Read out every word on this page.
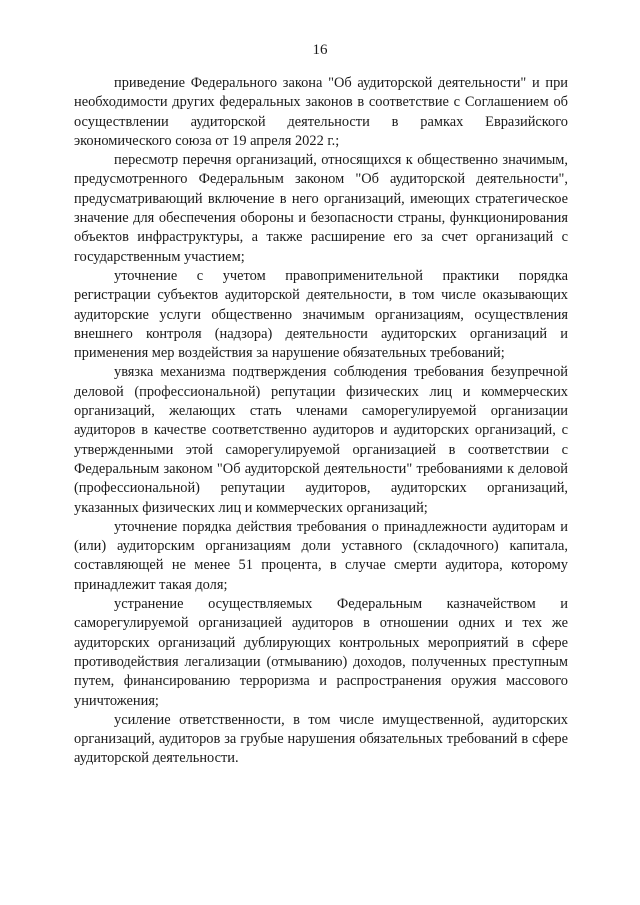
16

приведение Федерального закона "Об аудиторской деятельности" и при необходимости других федеральных законов в соответствие с Соглашением об осуществлении аудиторской деятельности в рамках Евразийского экономического союза от 19 апреля 2022 г.;

пересмотр перечня организаций, относящихся к общественно значимым, предусмотренного Федеральным законом "Об аудиторской деятельности", предусматривающий включение в него организаций, имеющих стратегическое значение для обеспечения обороны и безопасности страны, функционирования объектов инфраструктуры, а также расширение его за счет организаций с государственным участием;

уточнение с учетом правоприменительной практики порядка регистрации субъектов аудиторской деятельности, в том числе оказывающих аудиторские услуги общественно значимым организациям, осуществления внешнего контроля (надзора) деятельности аудиторских организаций и применения мер воздействия за нарушение обязательных требований;

увязка механизма подтверждения соблюдения требования безупречной деловой (профессиональной) репутации физических лиц и коммерческих организаций, желающих стать членами саморегулируемой организации аудиторов в качестве соответственно аудиторов и аудиторских организаций, с утвержденными этой саморегулируемой организацией в соответствии с Федеральным законом "Об аудиторской деятельности" требованиями к деловой (профессиональной) репутации аудиторов, аудиторских организаций, указанных физических лиц и коммерческих организаций;

уточнение порядка действия требования о принадлежности аудиторам и (или) аудиторским организациям доли уставного (складочного) капитала, составляющей не менее 51 процента, в случае смерти аудитора, которому принадлежит такая доля;

устранение осуществляемых Федеральным казначейством и саморегулируемой организацией аудиторов в отношении одних и тех же аудиторских организаций дублирующих контрольных мероприятий в сфере противодействия легализации (отмыванию) доходов, полученных преступным путем, финансированию терроризма и распространения оружия массового уничтожения;

усиление ответственности, в том числе имущественной, аудиторских организаций, аудиторов за грубые нарушения обязательных требований в сфере аудиторской деятельности.
